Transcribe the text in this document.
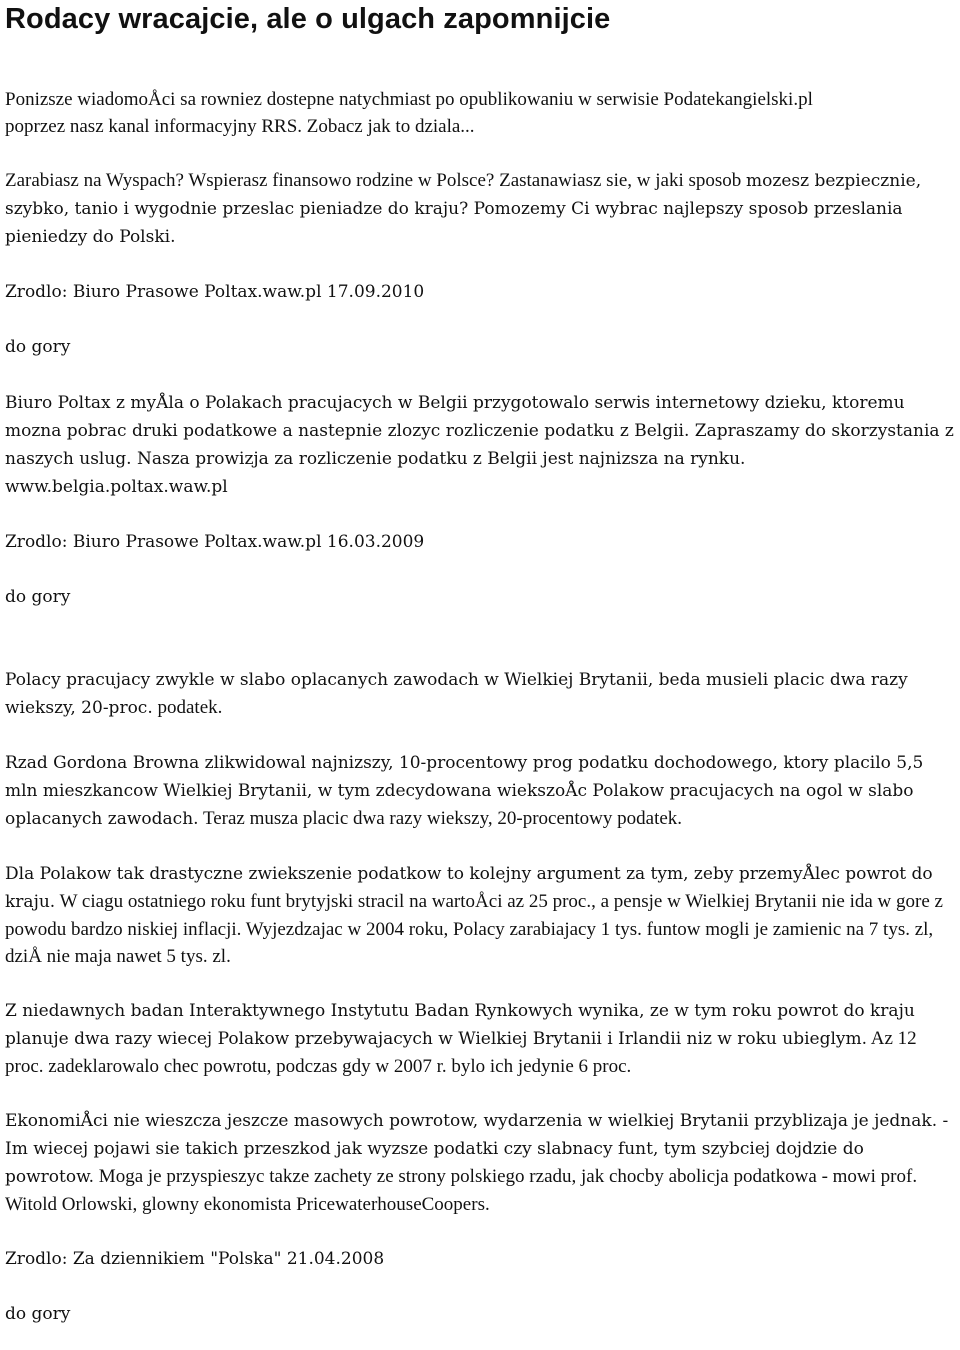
Rodacy wracajcie, ale o ulgach zapomnijcie

Ponizsze wiadomoÅci sa rowniez dostepne natychmiast po opublikowaniu w serwisie Podatekangielski.pl poprzez nasz kanal informacyjny RRS. Zobacz jak to dziala...

Zarabiasz na Wyspach? Wspierasz finansowo rodzine w Polsce? Zastanawiasz sie, w jaki sposob mozesz bezpiecznie, szybko, tanio i wygodnie przeslac pieniadze do kraju? Pomozemy Ci wybrac najlepszy sposob przeslania pieniedzy do Polski.

Zrodlo: Biuro Prasowe Poltax.waw.pl 17.09.2010

do gory

Biuro Poltax z myÅla o Polakach pracujacych w Belgii przygotowalo serwis internetowy dzieku, ktoremu mozna pobrac druki podatkowe a nastepnie zlozyc rozliczenie podatku z Belgii. Zapraszamy do skorzystania z naszych uslug. Nasza prowizja za rozliczenie podatku z Belgii jest najnizsza na rynku. www.belgia.poltax.waw.pl

Zrodlo: Biuro Prasowe Poltax.waw.pl 16.03.2009

do gory

Polacy pracujacy zwykle w slabo oplacanych zawodach w Wielkiej Brytanii, beda musieli placic dwa razy wiekszy, 20-proc. podatek.

Rzad Gordona Browna zlikwidowal najnizszy, 10-procentowy prog podatku dochodowego, ktory placilo 5,5 mln mieszkancow Wielkiej Brytanii, w tym zdecydowana wiekszoÅc Polakow pracujacych na ogol w slabo oplacanych zawodach. Teraz musza placic dwa razy wiekszy, 20-procentowy podatek.

Dla Polakow tak drastyczne zwiekszenie podatkow to kolejny argument za tym, zeby przemyÅlec powrot do kraju. W ciagu ostatniego roku funt brytyjski stracil na wartoÅci az 25 proc., a pensje w Wielkiej Brytanii nie ida w gore z powodu bardzo niskiej inflacji. Wyjezdzajac w 2004 roku, Polacy zarabiajacy 1 tys. funtow mogli je zamienic na 7 tys. zl, dziÅ nie maja nawet 5 tys. zl.

Z niedawnych badan Interaktywnego Instytutu Badan Rynkowych wynika, ze w tym roku powrot do kraju planuje dwa razy wiecej Polakow przebywajacych w Wielkiej Brytanii i Irlandii niz w roku ubieglym. Az 12 proc. zadeklarowalo chec powrotu, podczas gdy w 2007 r. bylo ich jedynie 6 proc.

EkonomiÅci nie wieszcza jeszcze masowych powrotow, wydarzenia w wielkiej Brytanii przyblizaja je jednak. - Im wiecej pojawi sie takich przeszkod jak wyzsze podatki czy slabnacy funt, tym szybciej dojdzie do powrotow. Moga je przyspieszyc takze zachety ze strony polskiego rzadu, jak chocby abolicja podatkowa - mowi prof. Witold Orlowski, glowny ekonomista PricewaterhouseCoopers.

Zrodlo: Za dziennikiem "Polska" 21.04.2008

do gory
